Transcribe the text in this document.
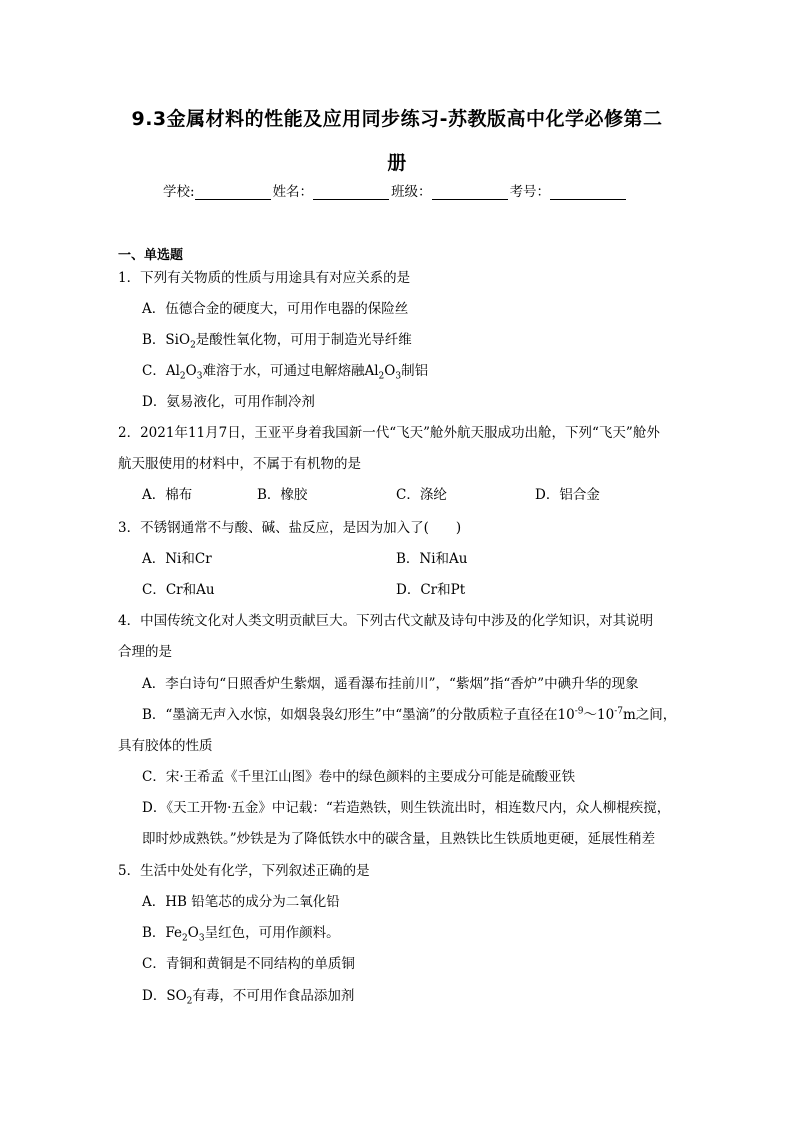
9.3金属材料的性能及应用同步练习-苏教版高中化学必修第二
册
学校:	姓名：	班级：	考号：
一、单选题
1．下列有关物质的性质与用途具有对应关系的是
A．伍德合金的硬度大，可用作电器的保险丝
B．SiO$_2$是酸性氧化物，可用于制造光导纤维
C．$Al_2O_3$难溶于水，可通过电解熔融$Al_2O_3$制铝
D．氨易液化，可用作制冷剂
2．2021年11月7日，王亚平身着我国新一代“飞天”舱外航天服成功出舱，下列“飞天”舱外
航天服使用的材料中，不属于有机物的是
A．棉布	B．橡胶	C．涤纶	D．铝合金
3．不锈钢通常不与酸、碱、盐反应，是因为加入了(　　)
A．Ni和Cr	B．Ni和Au
C．Cr和Au	D．Cr和Pt
4．中国传统文化对人类文明贡献巨大。下列古代文献及诗句中涉及的化学知识，对其说明
合理的是
A．李白诗句“日照香炉生紫烟，遥看瀑布挂前川”，“紫烟”指“香炉”中碘升华的现象
B．“墨滴无声入水惊，如烟袅袅幻形生”中“墨滴”的分散质粒子直径在$10^{-9}\sim 10^{-7}m$之间，
具有胶体的性质
C．宋·王希孟《千里江山图》卷中的绿色颜料的主要成分可能是硫酸亚铁
D．《天工开物·五金》中记载：“若造熟铁，则生铁流出时，相连数尺内，众人柳棍疾搅，
即时炒成熟铁。”炒铁是为了降低铁水中的碳含量，且熟铁比生铁质地更硬，延展性稍差
5．生活中处处有化学，下列叙述正确的是
A．HB 铅笔芯的成分为二氧化铅
B．$Fe_2O_3$呈红色，可用作颜料。
C．青铜和黄铜是不同结构的单质铜
D．$SO_2$有毒，不可用作食品添加剂
